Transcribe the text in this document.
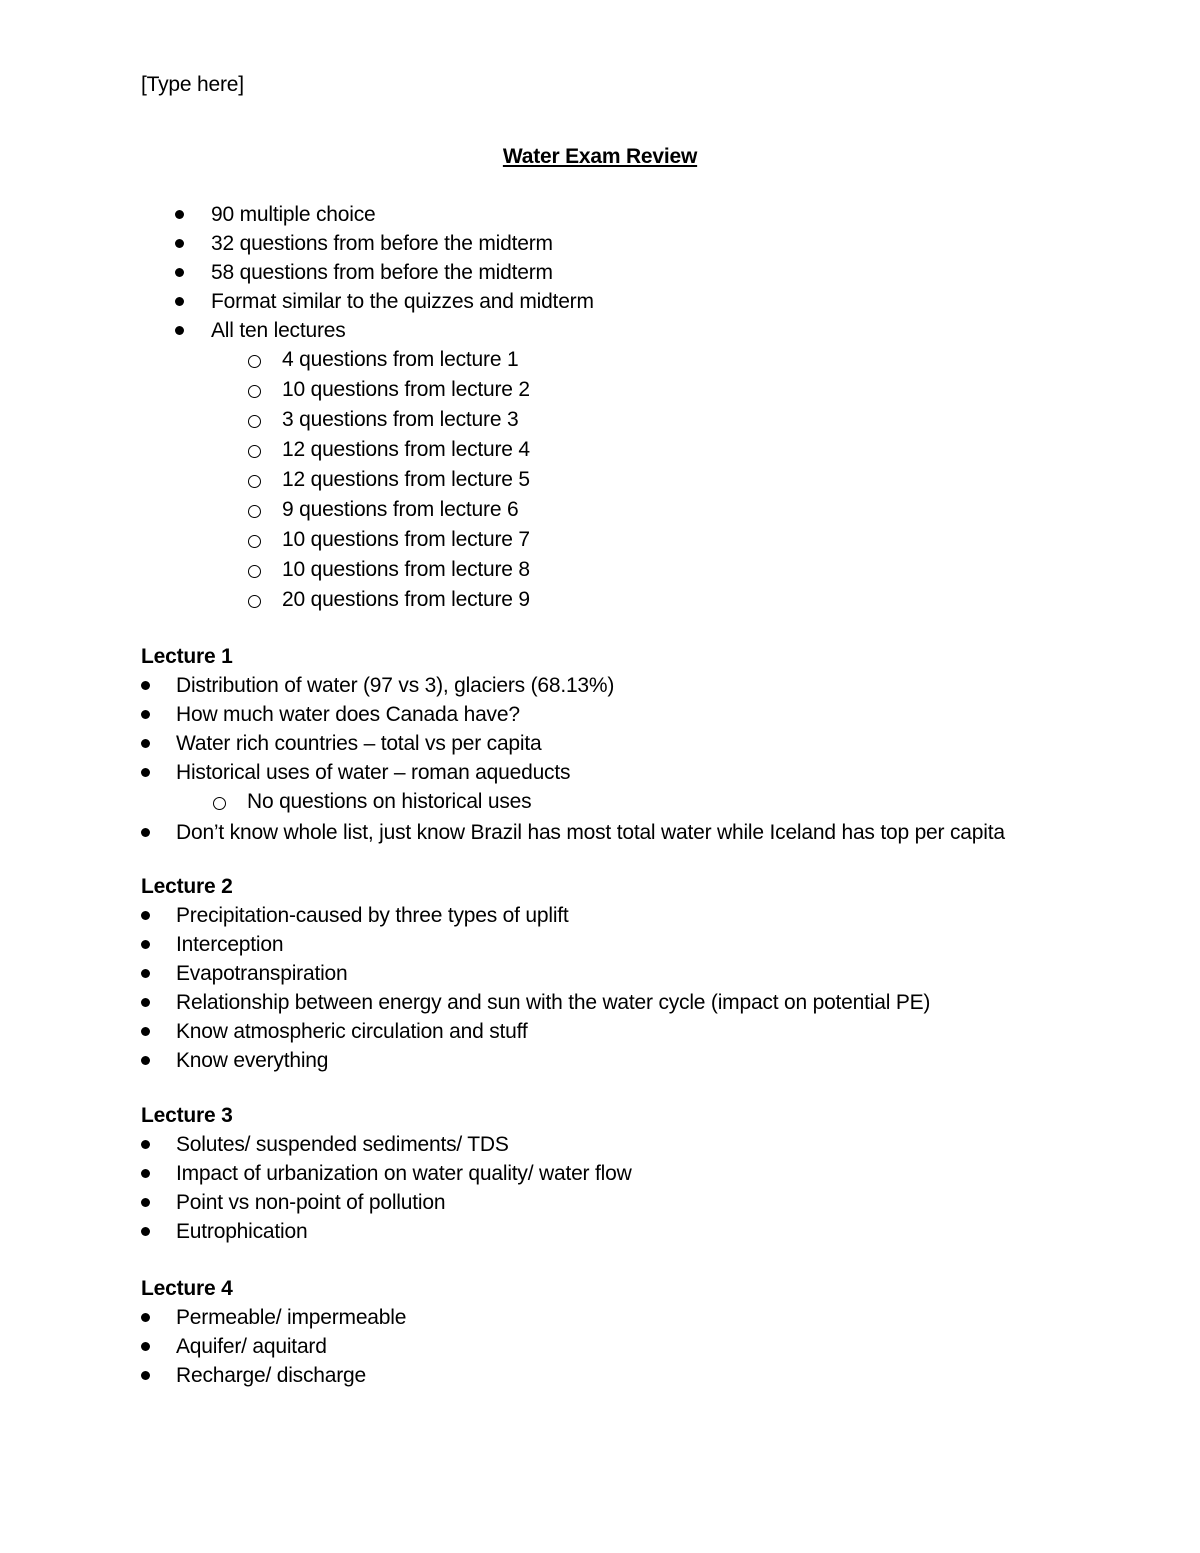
[Type here]
Water Exam Review
90 multiple choice
32 questions from before the midterm
58 questions from before the midterm
Format similar to the quizzes and midterm
All ten lectures
4 questions from lecture 1
10 questions from lecture 2
3 questions from lecture 3
12 questions from lecture 4
12 questions from lecture 5
9 questions from lecture 6
10 questions from lecture 7
10 questions from lecture 8
20 questions from lecture 9
Lecture 1
Distribution of water (97 vs 3), glaciers (68.13%)
How much water does Canada have?
Water rich countries – total vs per capita
Historical uses of water – roman aqueducts
No questions on historical uses
Don’t know whole list, just know Brazil has most total water while Iceland has top per capita
Lecture 2
Precipitation-caused by three types of uplift
Interception
Evapotranspiration
Relationship between energy and sun with the water cycle (impact on potential PE)
Know atmospheric circulation and stuff
Know everything
Lecture 3
Solutes/ suspended sediments/ TDS
Impact of urbanization on water quality/ water flow
Point vs non-point of pollution
Eutrophication
Lecture 4
Permeable/ impermeable
Aquifer/ aquitard
Recharge/ discharge
